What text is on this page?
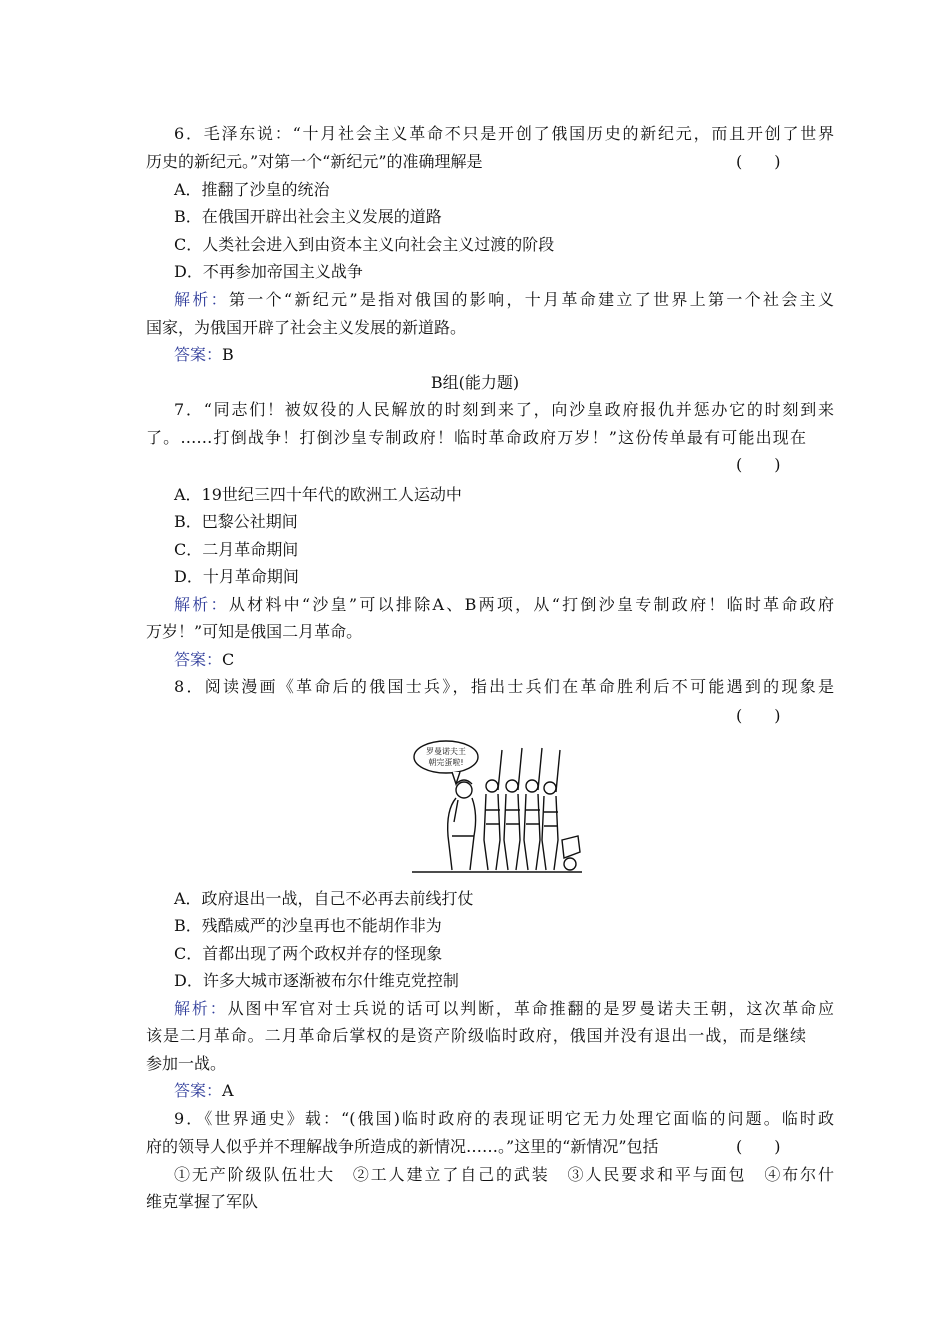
6．毛泽东说：“十月社会主义革命不只是开创了俄国历史的新纪元，而且开创了世界
历史的新纪元。”对第一个“新纪元”的准确理解是	(　　)
A．推翻了沙皇的统治
B．在俄国开辟出社会主义发展的道路
C．人类社会进入到由资本主义向社会主义过渡的阶段
D．不再参加帝国主义战争
解析：第一个“新纪元”是指对俄国的影响，十月革命建立了世界上第一个社会主义
国家，为俄国开辟了社会主义发展的新道路。
答案：B
B组(能力题)
7．“同志们！被奴役的人民解放的时刻到来了，向沙皇政府报仇并惩办它的时刻到来
了。……打倒战争！打倒沙皇专制政府！临时革命政府万岁！”这份传单最有可能出现在
(　　)
A．19世纪三四十年代的欧洲工人运动中
B．巴黎公社期间
C．二月革命期间
D．十月革命期间
解析：从材料中“沙皇”可以排除A、B两项，从“打倒沙皇专制政府！临时革命政府
万岁！”可知是俄国二月革命。
答案：C
8．阅读漫画《革命后的俄国士兵》，指出士兵们在革命胜利后不可能遇到的现象是
(　　)
罗曼诺夫王
朝完蛋啦!
A．政府退出一战，自己不必再去前线打仗
B．残酷威严的沙皇再也不能胡作非为
C．首都出现了两个政权并存的怪现象
D．许多大城市逐渐被布尔什维克党控制
解析：从图中军官对士兵说的话可以判断，革命推翻的是罗曼诺夫王朝，这次革命应
该是二月革命。二月革命后掌权的是资产阶级临时政府，俄国并没有退出一战，而是继续
参加一战。
答案：A
9．《世界通史》载：“(俄国)临时政府的表现证明它无力处理它面临的问题。临时政
府的领导人似乎并不理解战争所造成的新情况……。”这里的“新情况”包括	(　　)
①无产阶级队伍壮大　②工人建立了自己的武装　③人民要求和平与面包　④布尔什
维克掌握了军队
